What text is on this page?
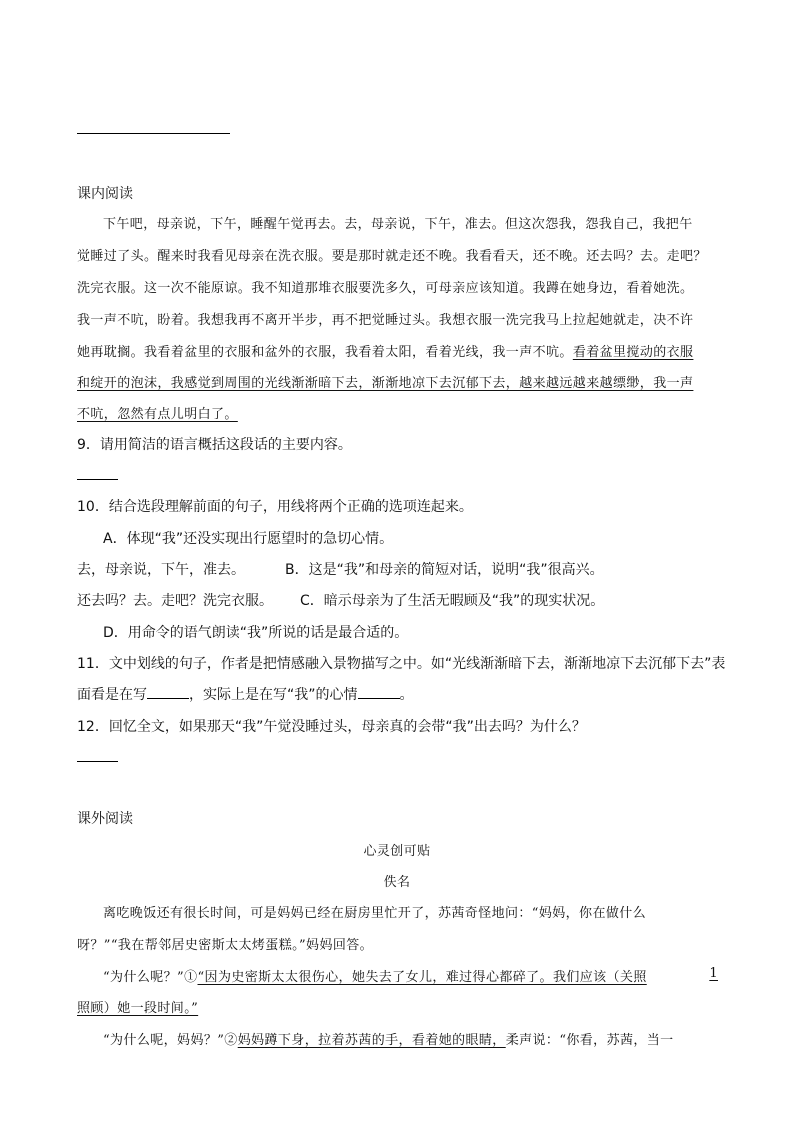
课内阅读
下午吧，母亲说，下午，睡醒午觉再去。去，母亲说，下午，准去。但这次怨我，怨我自己，我把午
觉睡过了头。醒来时我看见母亲在洗衣服。要是那时就走还不晚。我看看天，还不晚。还去吗？去。走吧？
洗完衣服。这一次不能原谅。我不知道那堆衣服要洗多久，可母亲应该知道。我蹲在她身边，看着她洗。
我一声不吭，盼着。我想我再不离开半步，再不把觉睡过头。我想衣服一洗完我马上拉起她就走，决不许
她再耽搁。我看着盆里的衣服和盆外的衣服，我看着太阳，看着光线，我一声不吭。看着盆里搅动的衣服
和绽开的泡沫，我感觉到周围的光线渐渐暗下去，渐渐地凉下去沉郁下去，越来越远越来越缥缈，我一声
不吭，忽然有点儿明白了。
9．请用简洁的语言概括这段话的主要内容。
10．结合选段理解前面的句子，用线将两个正确的选项连起来。
A．体现“我”还没实现出行愿望时的急切心情。
去，母亲说，下午，准去。	B．这是“我”和母亲的简短对话，说明“我”很高兴。
还去吗？去。走吧？洗完衣服。 C．暗示母亲为了生活无暇顾及“我”的现实状况。
D．用命令的语气朗读“我”所说的话是最合适的。
11．文中划线的句子，作者是把情感融入景物描写之中。如“光线渐渐暗下去，渐渐地凉下去沉郁下去”表
面看是在写	，实际上是在写“我”的心情	。
12．回忆全文，如果那天“我”午觉没睡过头，母亲真的会带“我”出去吗？为什么？
课外阅读
心灵创可贴
佚名
离吃晚饭还有很长时间，可是妈妈已经在厨房里忙开了，苏茜奇怪地问：“妈妈，你在做什么
呀？”“我在帮邻居史密斯太太烤蛋糕。”妈妈回答。
“为什么呢？”①“因为史密斯太太很伤心，她失去了女儿，难过得心都碎了。我们应该（关照	1
照顾）她一段时间。”
“为什么呢，妈妈？”②妈妈蹲下身，拉着苏茜的手，看着她的眼睛，柔声说：“你看，苏茜，当一
